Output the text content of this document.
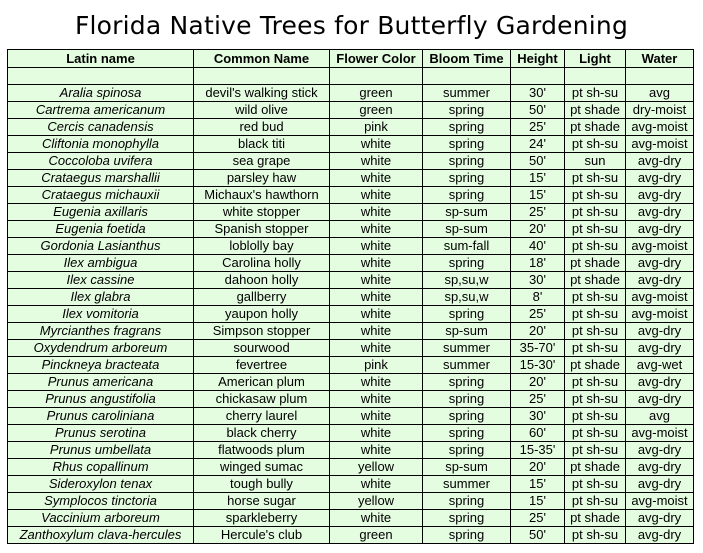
Florida Native Trees for Butterfly Gardening
Latin name	Common Name	Flower Color	Bloom Time	Height	Light	Water

Aralia spinosa	devil's walking stick	green	summer	30'	pt sh-su	avg
Cartrema americanum	wild olive	green	spring	50'	pt shade	dry-moist
Cercis canadensis	red bud	pink	spring	25'	pt shade	avg-moist
Cliftonia monophylla	black titi	white	spring	24'	pt sh-su	avg-moist
Coccoloba uvifera	sea grape	white	spring	50'	sun	avg-dry
Crataegus marshallii	parsley haw	white	spring	15'	pt sh-su	avg-dry
Crataegus michauxii	Michaux's hawthorn	white	spring	15'	pt sh-su	avg-dry
Eugenia axillaris	white stopper	white	sp-sum	25'	pt sh-su	avg-dry
Eugenia foetida	Spanish stopper	white	sp-sum	20'	pt sh-su	avg-dry
Gordonia Lasianthus	loblolly bay	white	sum-fall	40'	pt sh-su	avg-moist
Ilex ambigua	Carolina holly	white	spring	18'	pt shade	avg-dry
Ilex cassine	dahoon holly	white	sp,su,w	30'	pt shade	avg-dry
Ilex glabra	gallberry	white	sp,su,w	8'	pt sh-su	avg-moist
Ilex vomitoria	yaupon holly	white	spring	25'	pt sh-su	avg-moist
Myrcianthes fragrans	Simpson stopper	white	sp-sum	20'	pt sh-su	avg-dry
Oxydendrum arboreum	sourwood	white	summer	35-70'	pt sh-su	avg-dry
Pinckneya bracteata	fevertree	pink	summer	15-30'	pt shade	avg-wet
Prunus americana	American plum	white	spring	20'	pt sh-su	avg-dry
Prunus angustifolia	chickasaw plum	white	spring	25'	pt sh-su	avg-dry
Prunus caroliniana	cherry laurel	white	spring	30'	pt sh-su	avg
Prunus serotina	black cherry	white	spring	60'	pt sh-su	avg-moist
Prunus umbellata	flatwoods plum	white	spring	15-35'	pt sh-su	avg-dry
Rhus copallinum	winged sumac	yellow	sp-sum	20'	pt shade	avg-dry
Sideroxylon tenax	tough bully	white	summer	15'	pt sh-su	avg-dry
Symplocos tinctoria	horse sugar	yellow	spring	15'	pt sh-su	avg-moist
Vaccinium arboreum	sparkleberry	white	spring	25'	pt shade	avg-dry
Zanthoxylum clava-hercules	Hercule's club	green	spring	50'	pt sh-su	avg-dry
